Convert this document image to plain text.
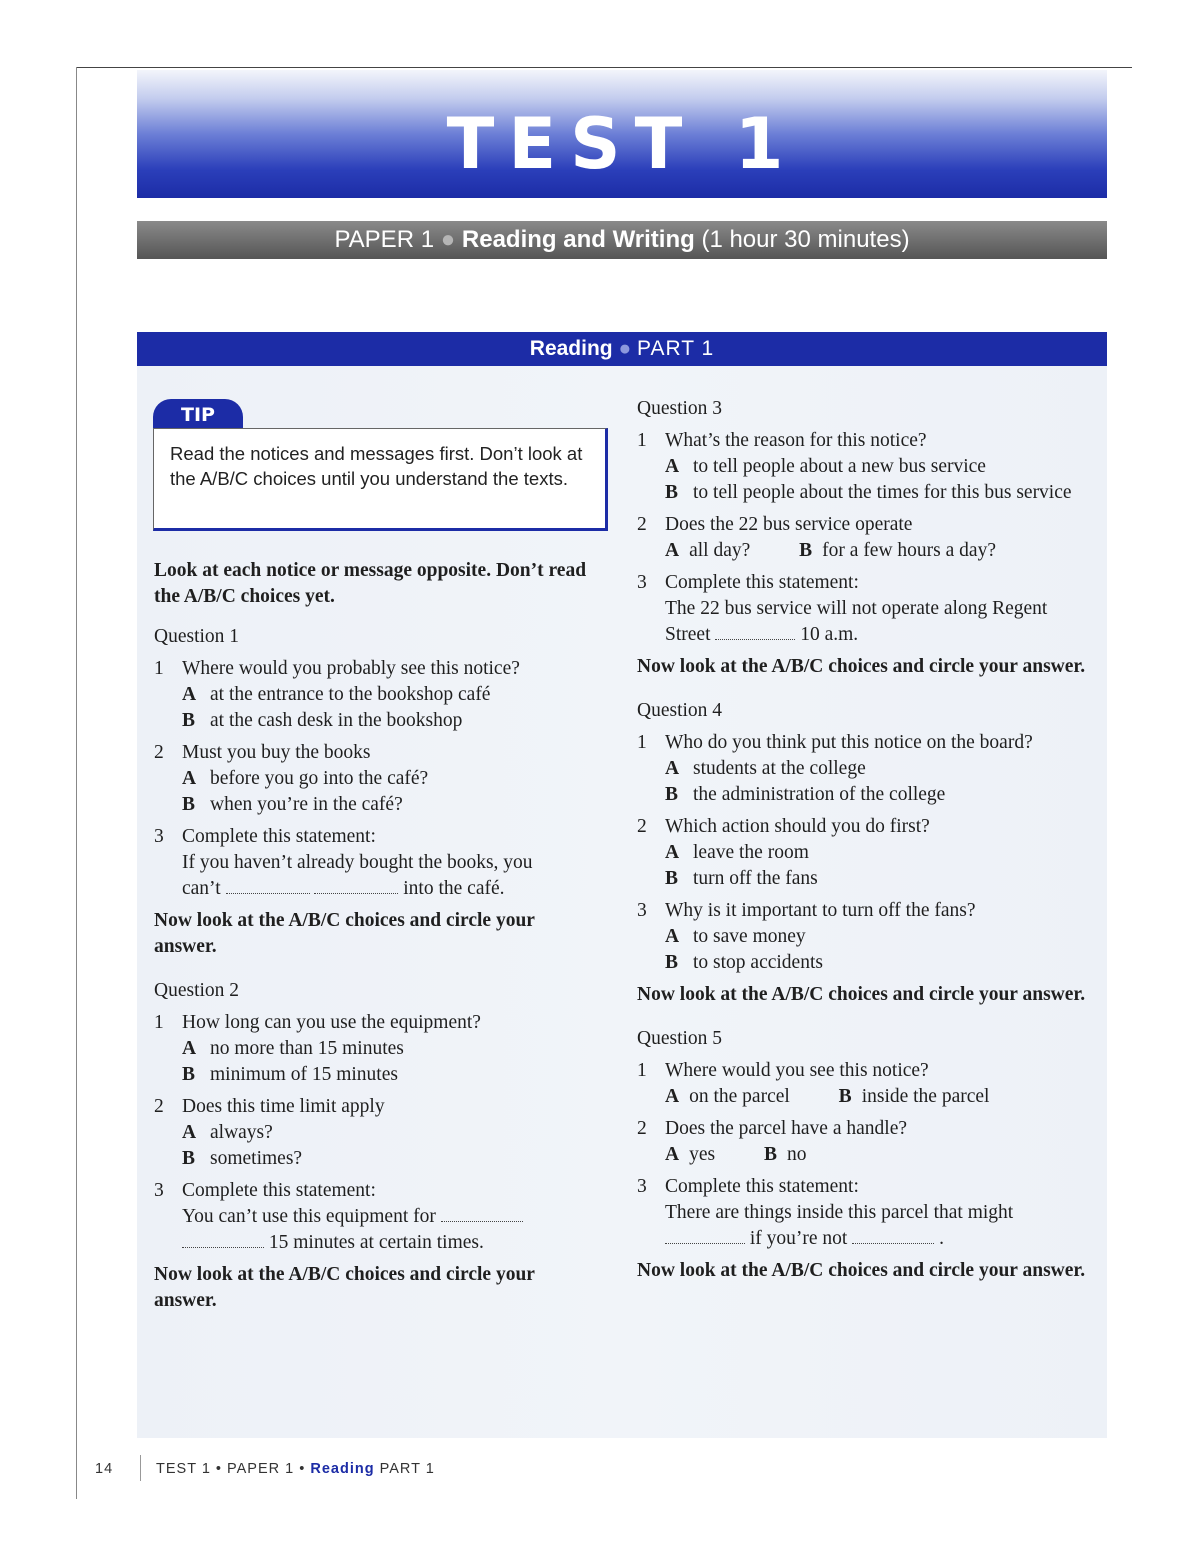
TEST 1
PAPER 1 ● Reading and Writing (1 hour 30 minutes)
Reading ● PART 1
TIP
Read the notices and messages first. Don’t look at the A/B/C choices until you understand the texts.
Look at each notice or message opposite. Don’t read the A/B/C choices yet.
Question 1
1 Where would you probably see this notice?
A at the entrance to the bookshop café
B at the cash desk in the bookshop
2 Must you buy the books
A before you go into the café?
B when you’re in the café?
3 Complete this statement:
If you haven’t already bought the books, you
can’t	into the café.
Now look at the A/B/C choices and circle your answer.
Question 2
1 How long can you use the equipment?
A no more than 15 minutes
B minimum of 15 minutes
2 Does this time limit apply
A always?
B sometimes?
3 Complete this statement:
You can’t use this equipment for
15 minutes at certain times.
Now look at the A/B/C choices and circle your answer.
Question 3
1 What’s the reason for this notice?
A to tell people about a new bus service
B to tell people about the times for this bus service
2 Does the 22 bus service operate
A all day?	B for a few hours a day?
3 Complete this statement:
The 22 bus service will not operate along Regent
Street	10 a.m.
Now look at the A/B/C choices and circle your answer.
Question 4
1 Who do you think put this notice on the board?
A students at the college
B the administration of the college
2 Which action should you do first?
A leave the room
B turn off the fans
3 Why is it important to turn off the fans?
A to save money
B to stop accidents
Now look at the A/B/C choices and circle your answer.
Question 5
1 Where would you see this notice?
A on the parcel	B inside the parcel
2 Does the parcel have a handle?
A yes	B no
3 Complete this statement:
There are things inside this parcel that might
if you’re not	.
Now look at the A/B/C choices and circle your answer.
14	TEST 1 • PAPER 1 • Reading PART 1
